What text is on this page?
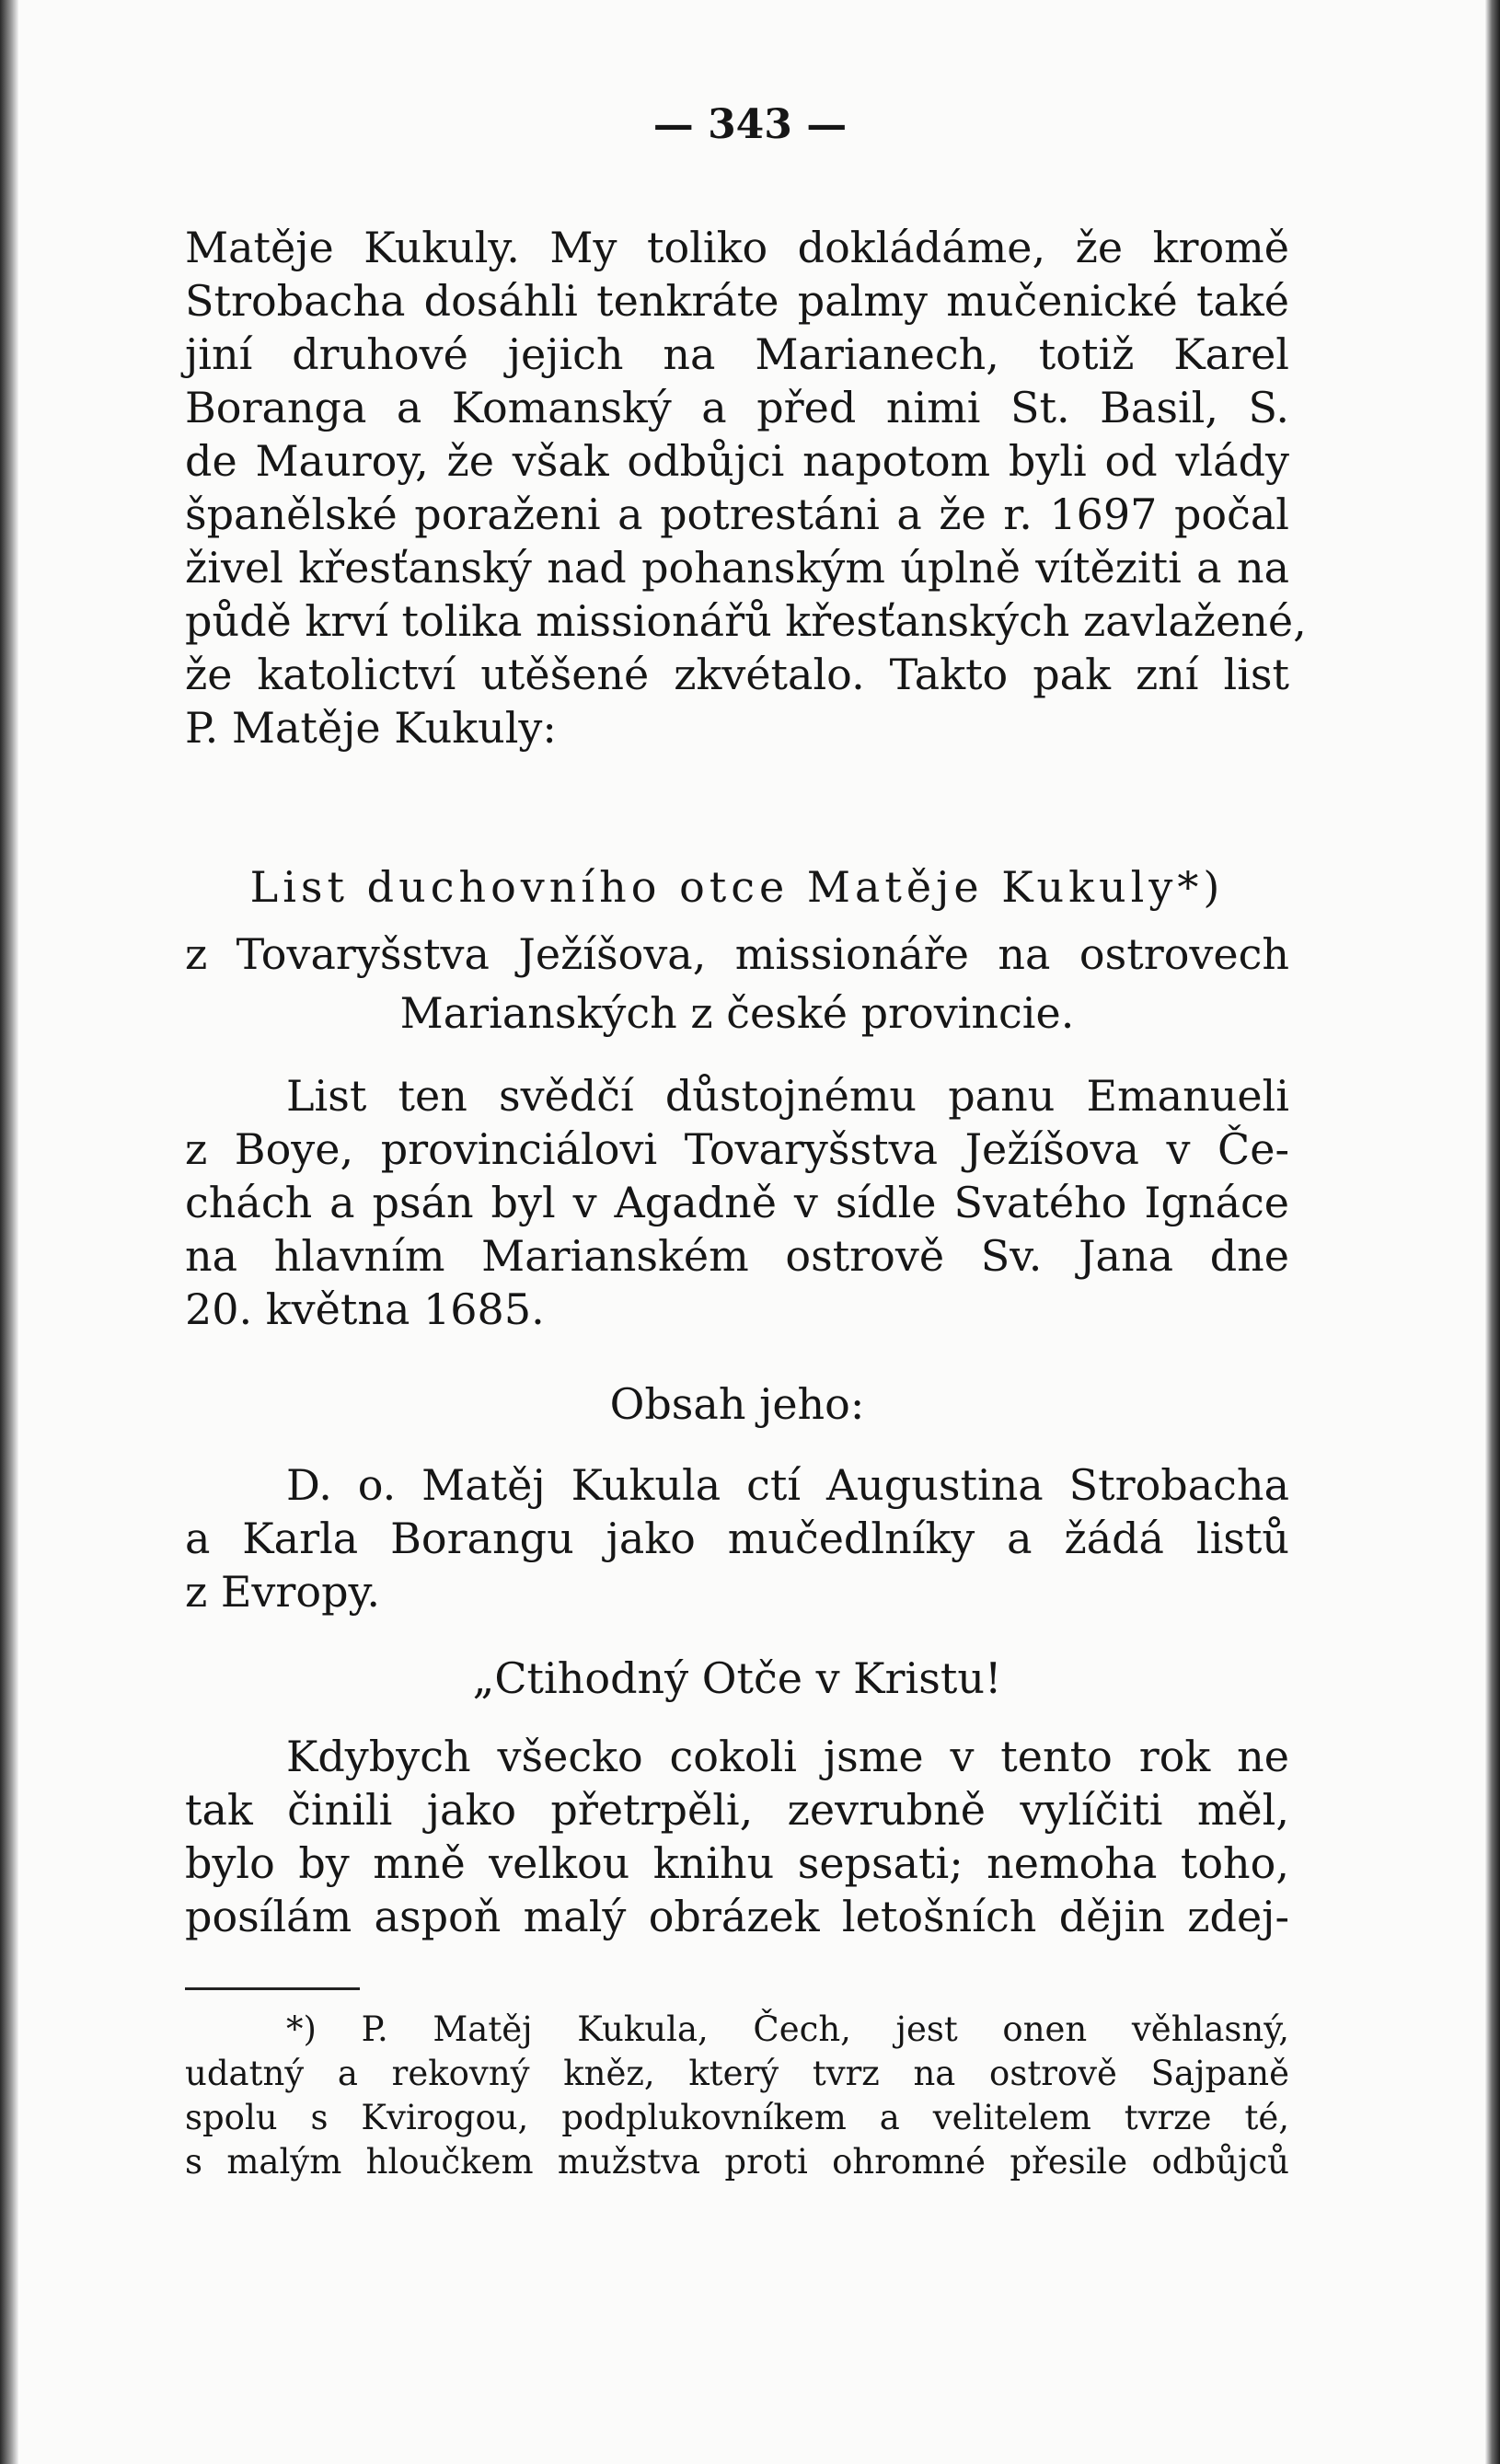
— 343 —
Matěje Kukuly. My toliko dokládáme, že kromě
Strobacha dosáhli tenkráte palmy mučenické také
jiní druhové jejich na Marianech, totiž Karel
Boranga a Komanský a před nimi St. Basil, S.
de Mauroy, že však odbůjci napotom byli od vlády
španělské poraženi a potrestáni a že r. 1697 počal
živel křesťanský nad pohanským úplně vítěziti a na
půdě krví tolika missionářů křesťanských zavlažené,
že katolictví utěšené zkvétalo. Takto pak zní list
P. Matěje Kukuly:
List duchovního otce Matěje Kukuly*)
z Tovaryšstva Ježíšova, missionáře na ostrovech
Marianských z české provincie.
List ten svědčí důstojnému panu Emanueli
z Boye, provinciálovi Tovaryšstva Ježíšova v Če-
chách a psán byl v Agadně v sídle Svatého Ignáce
na hlavním Marianském ostrově Sv. Jana dne
20. května 1685.
Obsah jeho:
D. o. Matěj Kukula ctí Augustina Strobacha
a Karla Borangu jako mučedlníky a žádá listů
z Evropy.
„Ctihodný Otče v Kristu!
Kdybych všecko cokoli jsme v tento rok ne
tak činili jako přetrpěli, zevrubně vylíčiti měl,
bylo by mně velkou knihu sepsati; nemoha toho,
posílám aspoň malý obrázek letošních dějin zdej-
*) P. Matěj Kukula, Čech, jest onen věhlasný,
udatný a rekovný kněz, který tvrz na ostrově Sajpaně
spolu s Kvirogou, podplukovníkem a velitelem tvrze té,
s malým hloučkem mužstva proti ohromné přesile odbůjců
